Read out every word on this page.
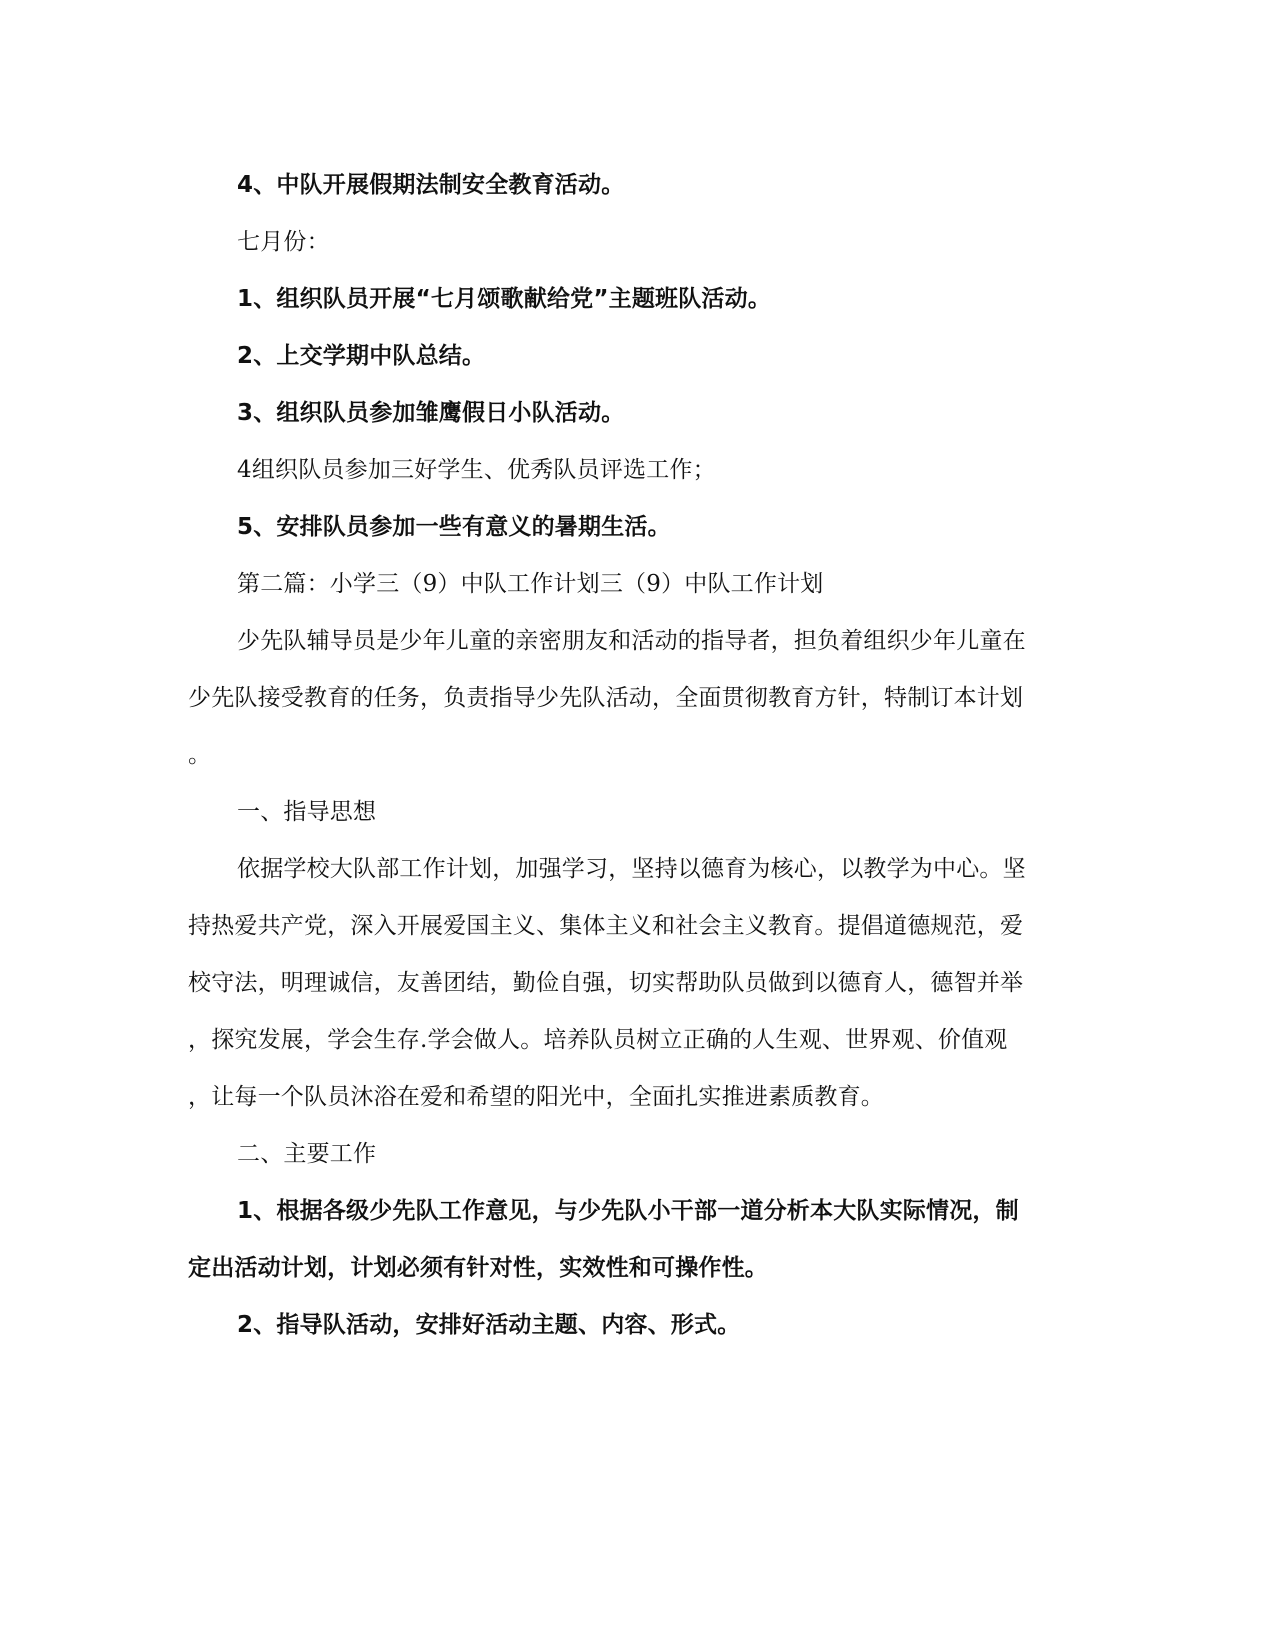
4、中队开展假期法制安全教育活动。
七月份：
1、组织队员开展“七月颂歌献给党”主题班队活动。
2、上交学期中队总结。
3、组织队员参加雏鹰假日小队活动。
4组织队员参加三好学生、优秀队员评选工作；
5、安排队员参加一些有意义的暑期生活。
第二篇：小学三（9）中队工作计划三（9）中队工作计划
少先队辅导员是少年儿童的亲密朋友和活动的指导者，担负着组织少年儿童在
少先队接受教育的任务，负责指导少先队活动，全面贯彻教育方针，特制订本计划
。
一、指导思想
依据学校大队部工作计划，加强学习，坚持以德育为核心，以教学为中心。坚
持热爱共产党，深入开展爱国主义、集体主义和社会主义教育。提倡道德规范，爱
校守法，明理诚信，友善团结，勤俭自强，切实帮助队员做到以德育人，德智并举
，探究发展，学会生存.学会做人。培养队员树立正确的人生观、世界观、价值观
，让每一个队员沐浴在爱和希望的阳光中，全面扎实推进素质教育。
二、主要工作
1、根据各级少先队工作意见，与少先队小干部一道分析本大队实际情况，制
定出活动计划，计划必须有针对性，实效性和可操作性。
2、指导队活动，安排好活动主题、内容、形式。
